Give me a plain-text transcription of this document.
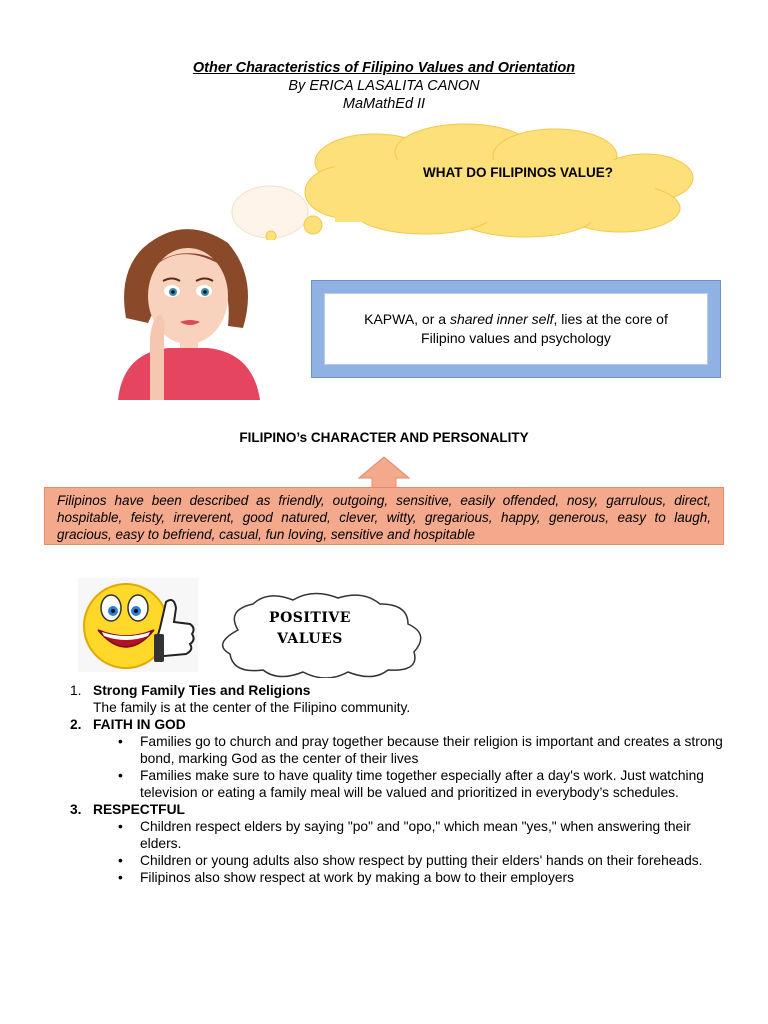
Other Characteristics of Filipino Values and Orientation
By ERICA LASALITA CANON
MaMathEd II
WHAT DO FILIPINOS VALUE?
KAPWA, or a shared inner self, lies at the core of Filipino values and psychology
FILIPINO’s CHARACTER AND PERSONALITY
Filipinos have been described as friendly, outgoing, sensitive, easily offended, nosy, garrulous, direct, hospitable, feisty, irreverent, good natured, clever, witty, gregarious, happy, generous, easy to laugh, gracious, easy to befriend, casual, fun loving, sensitive and hospitable
POSITIVE
VALUES
1. Strong Family Ties and Religions
The family is at the center of the Filipino community.
2. FAITH IN GOD
• Families go to church and pray together because their religion is important and creates a strong bond, marking God as the center of their lives
• Families make sure to have quality time together especially after a day's work. Just watching television or eating a family meal will be valued and prioritized in everybody’s schedules.
3. RESPECTFUL
• Children respect elders by saying "po" and "opo," which mean "yes," when answering their elders.
• Children or young adults also show respect by putting their elders' hands on their foreheads.
• Filipinos also show respect at work by making a bow to their employers
